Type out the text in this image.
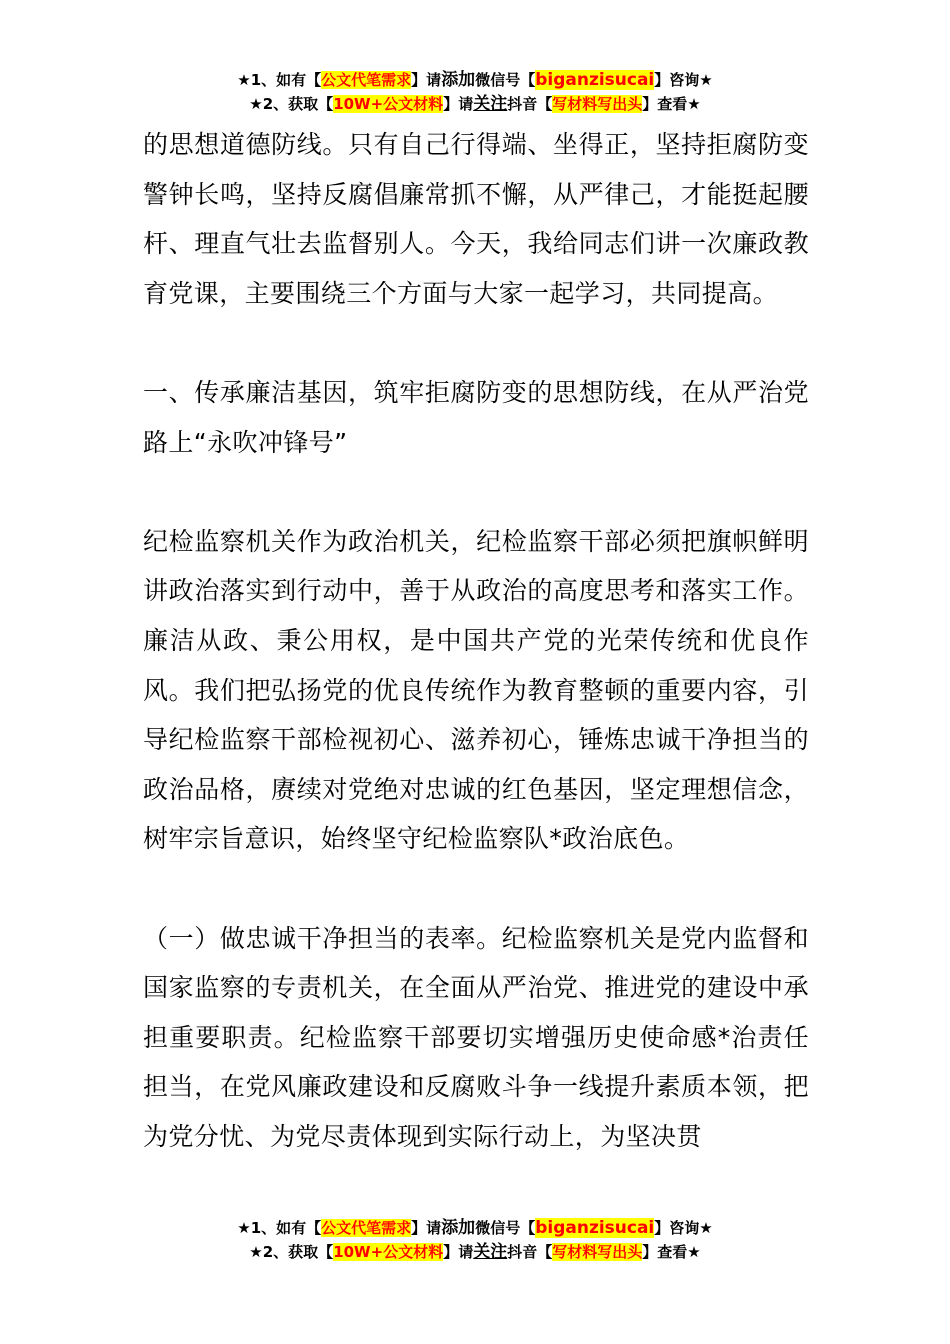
★1、如有【公文代笔需求】请添加微信号【biganzisucai】咨询★
★2、获取【10W+公文材料】请关注抖音【写材料写出头】查看★

的思想道德防线。只有自己行得端、坐得正，坚持拒腐防变警钟长鸣，坚持反腐倡廉常抓不懈，从严律己，才能挺起腰杆、理直气壮去监督别人。今天，我给同志们讲一次廉政教育党课，主要围绕三个方面与大家一起学习，共同提高。

一、传承廉洁基因，筑牢拒腐防变的思想防线，在从严治党路上“永吹冲锋号”

纪检监察机关作为政治机关，纪检监察干部必须把旗帜鲜明讲政治落实到行动中，善于从政治的高度思考和落实工作。廉洁从政、秉公用权，是中国共产党的光荣传统和优良作风。我们把弘扬党的优良传统作为教育整顿的重要内容，引导纪检监察干部检视初心、滋养初心，锤炼忠诚干净担当的政治品格，赓续对党绝对忠诚的红色基因，坚定理想信念，树牢宗旨意识，始终坚守纪检监察队*政治底色。

（一）做忠诚干净担当的表率。纪检监察机关是党内监督和国家监察的专责机关，在全面从严治党、推进党的建设中承担重要职责。纪检监察干部要切实增强历史使命感*治责任担当，在党风廉政建设和反腐败斗争一线提升素质本领，把为党分忧、为党尽责体现到实际行动上，为坚决贯

★1、如有【公文代笔需求】请添加微信号【biganzisucai】咨询★
★2、获取【10W+公文材料】请关注抖音【写材料写出头】查看★
